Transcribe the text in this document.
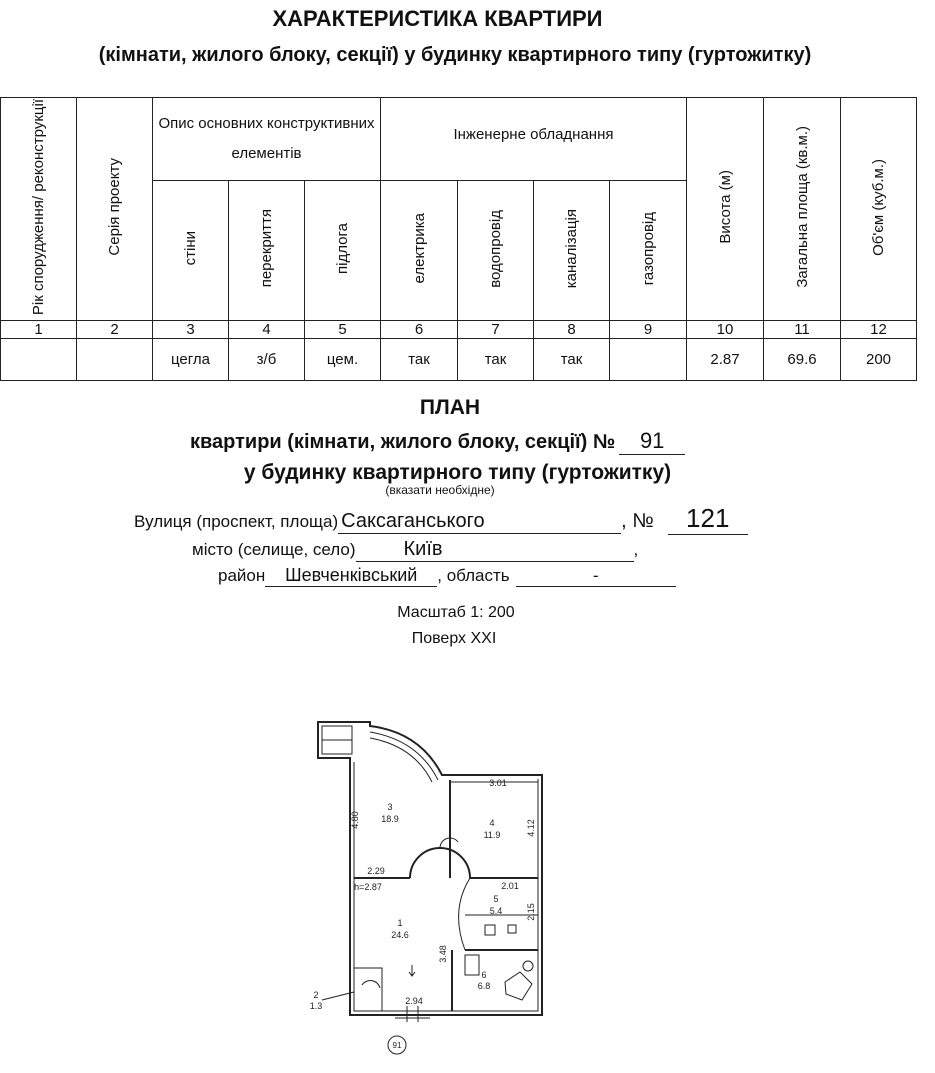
ХАРАКТЕРИСТИКА КВАРТИРИ
(кімнати, жилого блоку, секції) у будинку квартирного типу (гуртожитку)
Рік спорудження/ реконструкції	Серія проекту	Опис основних конструктивних елементів			Інженерне обладнання				Висота (м)	Загальна площа (кв.м.)	Об'єм (куб.м.)
		стіни	перекриття	підлога	електрика	водопровід	каналізація	газопровід			
1	2	3	4	5	6	7	8	9	10	11	12
		цегла	з/б	цем.	так	так	так		2.87	69.6	200
ПЛАН
квартири (кімнати, жилого блоку, секції) № 91
у будинку квартирного типу (гуртожитку)
(вказати необхідне)
Вулиця (проспект, площа) Саксаганського	, № 121
місто (селище, село) Київ	,
район Шевченківський , область	-
Масштаб 1: 200
Поверх XXI
3
18.9	4
11.9
1
24.6
5
5.4
6
6.8
2
1.3
3.01
2.29
h=2.87	2.01
2.94
91
4.80	4.12
2.15
3.48
